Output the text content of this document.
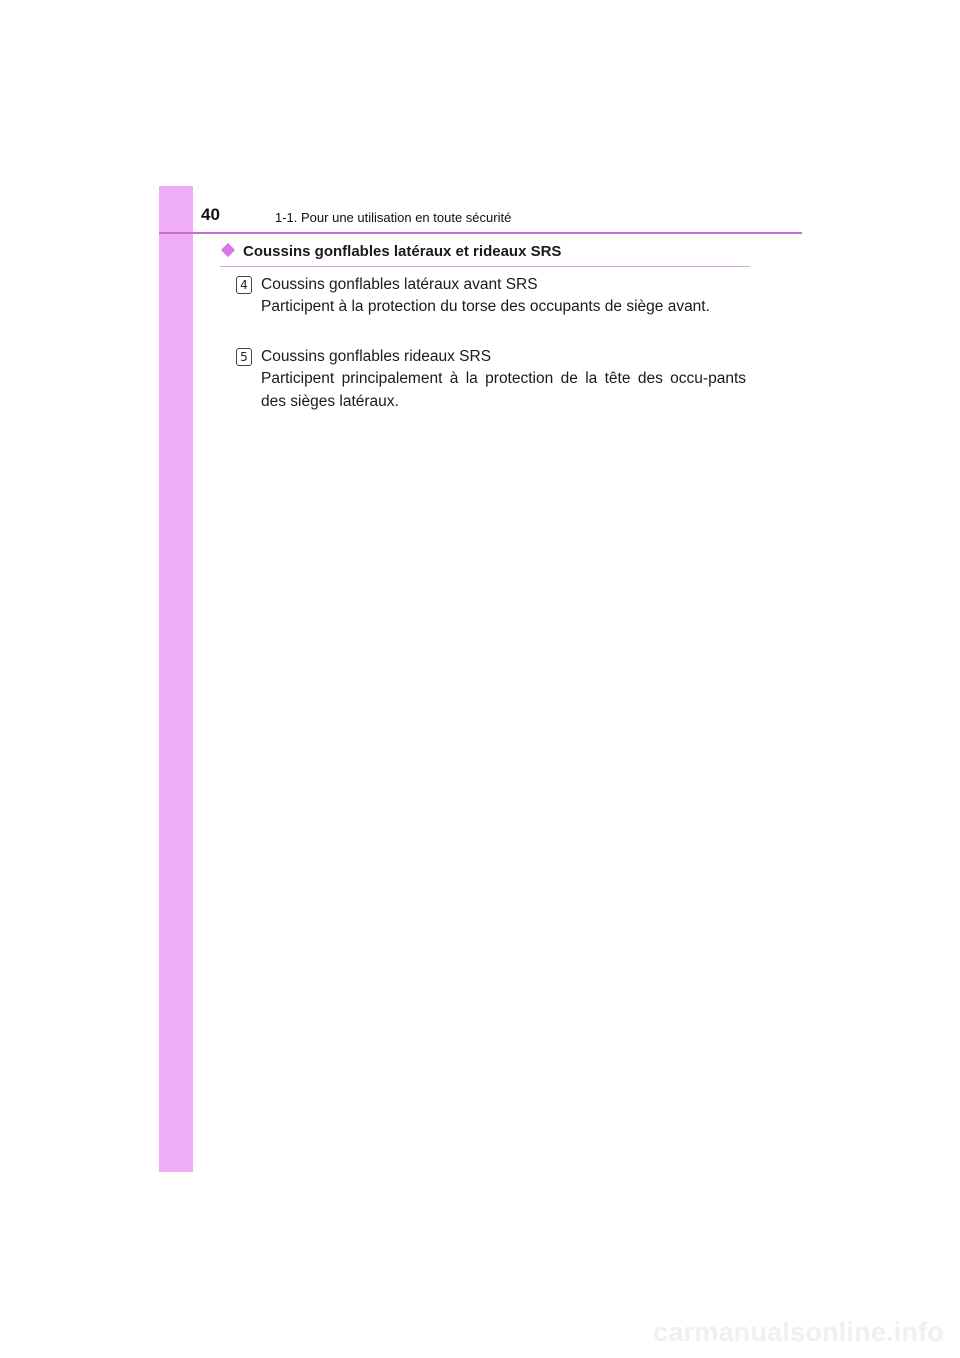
40	1-1. Pour une utilisation en toute sécurité
Coussins gonflables latéraux et rideaux SRS
4 Coussins gonflables latéraux avant SRS
Participent à la protection du torse des occupants de siège avant.
5 Coussins gonflables rideaux SRS
Participent principalement à la protection de la tête des occu-pants des sièges latéraux.
carmanualsonline.info
